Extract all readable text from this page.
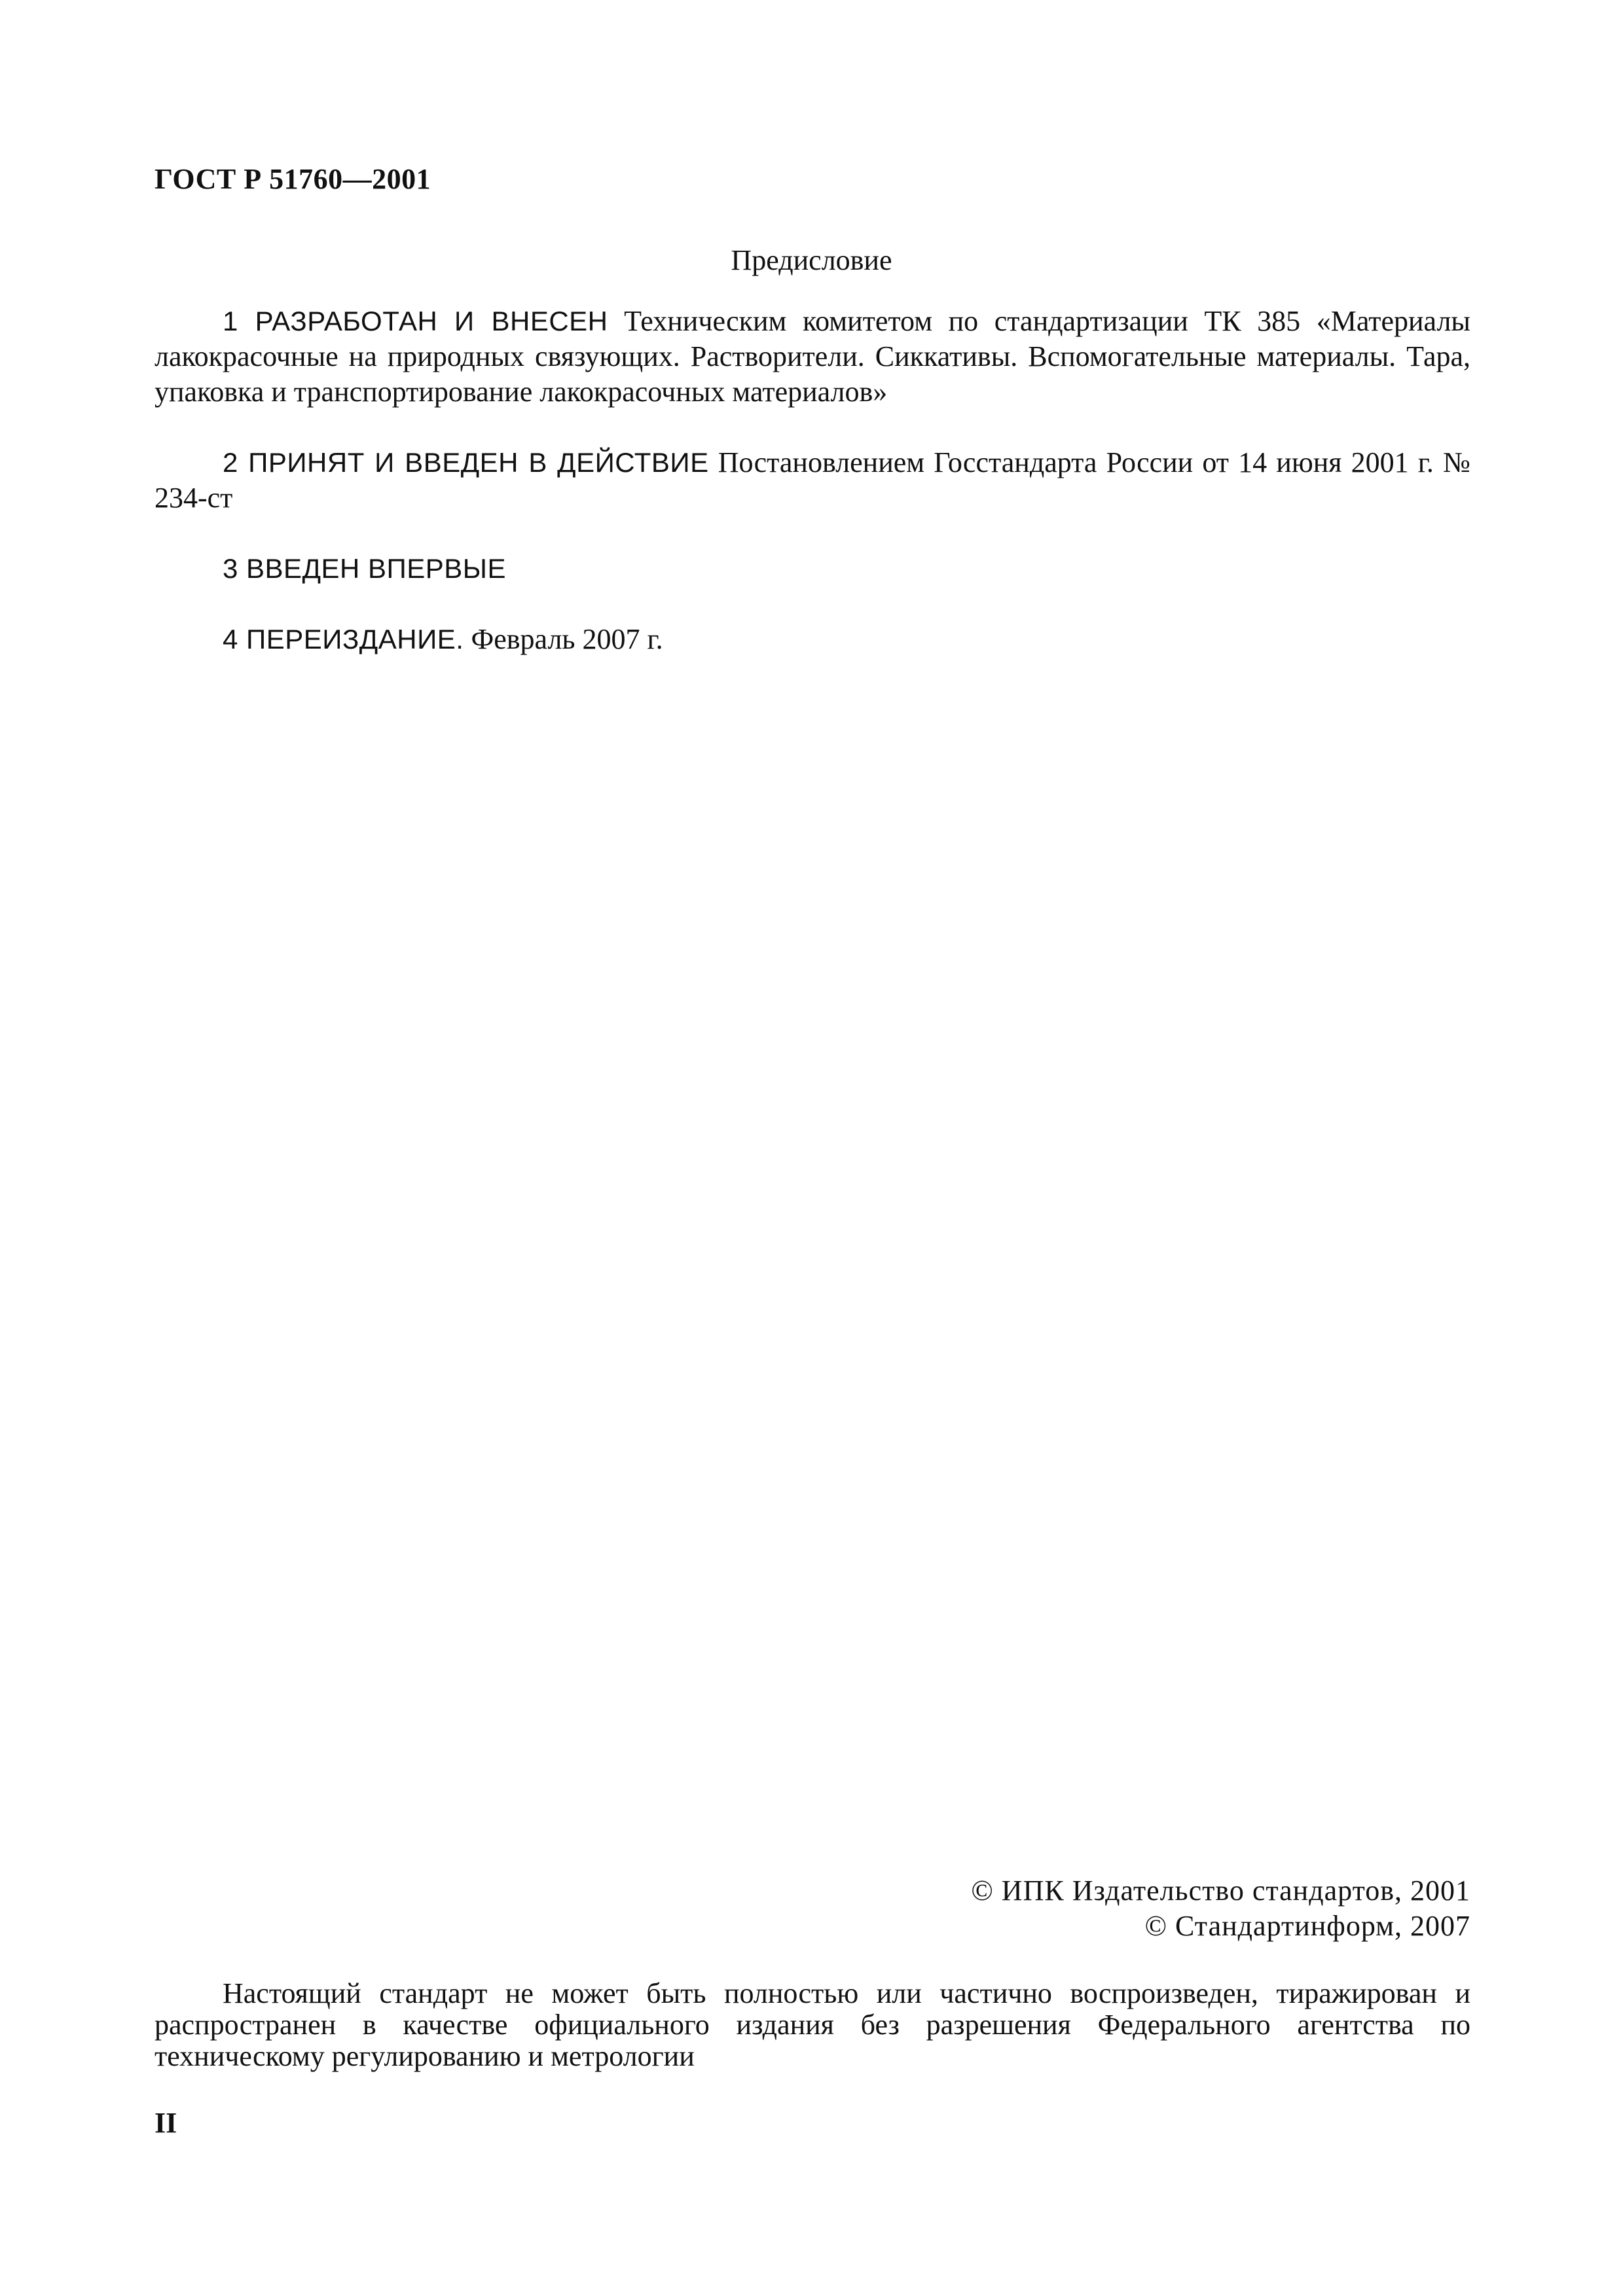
ГОСТ Р 51760—2001
Предисловие

1 РАЗРАБОТАН И ВНЕСЕН Техническим комитетом по стандартизации ТК 385 «Материалы лакокрасочные на природных связующих. Растворители. Сиккативы. Вспомогательные материалы. Тара, упаковка и транспортирование лакокрасочных материалов»

2 ПРИНЯТ И ВВЕДЕН В ДЕЙСТВИЕ Постановлением Госстандарта России от 14 июня 2001 г. № 234-ст

3 ВВЕДЕН ВПЕРВЫЕ

4 ПЕРЕИЗДАНИЕ. Февраль 2007 г.

© ИПК Издательство стандартов, 2001
© Стандартинформ, 2007
Настоящий стандарт не может быть полностью или частично воспроизведен, тиражирован и распространен в качестве официального издания без разрешения Федерального агентства по техническому регулированию и метрологии
II
